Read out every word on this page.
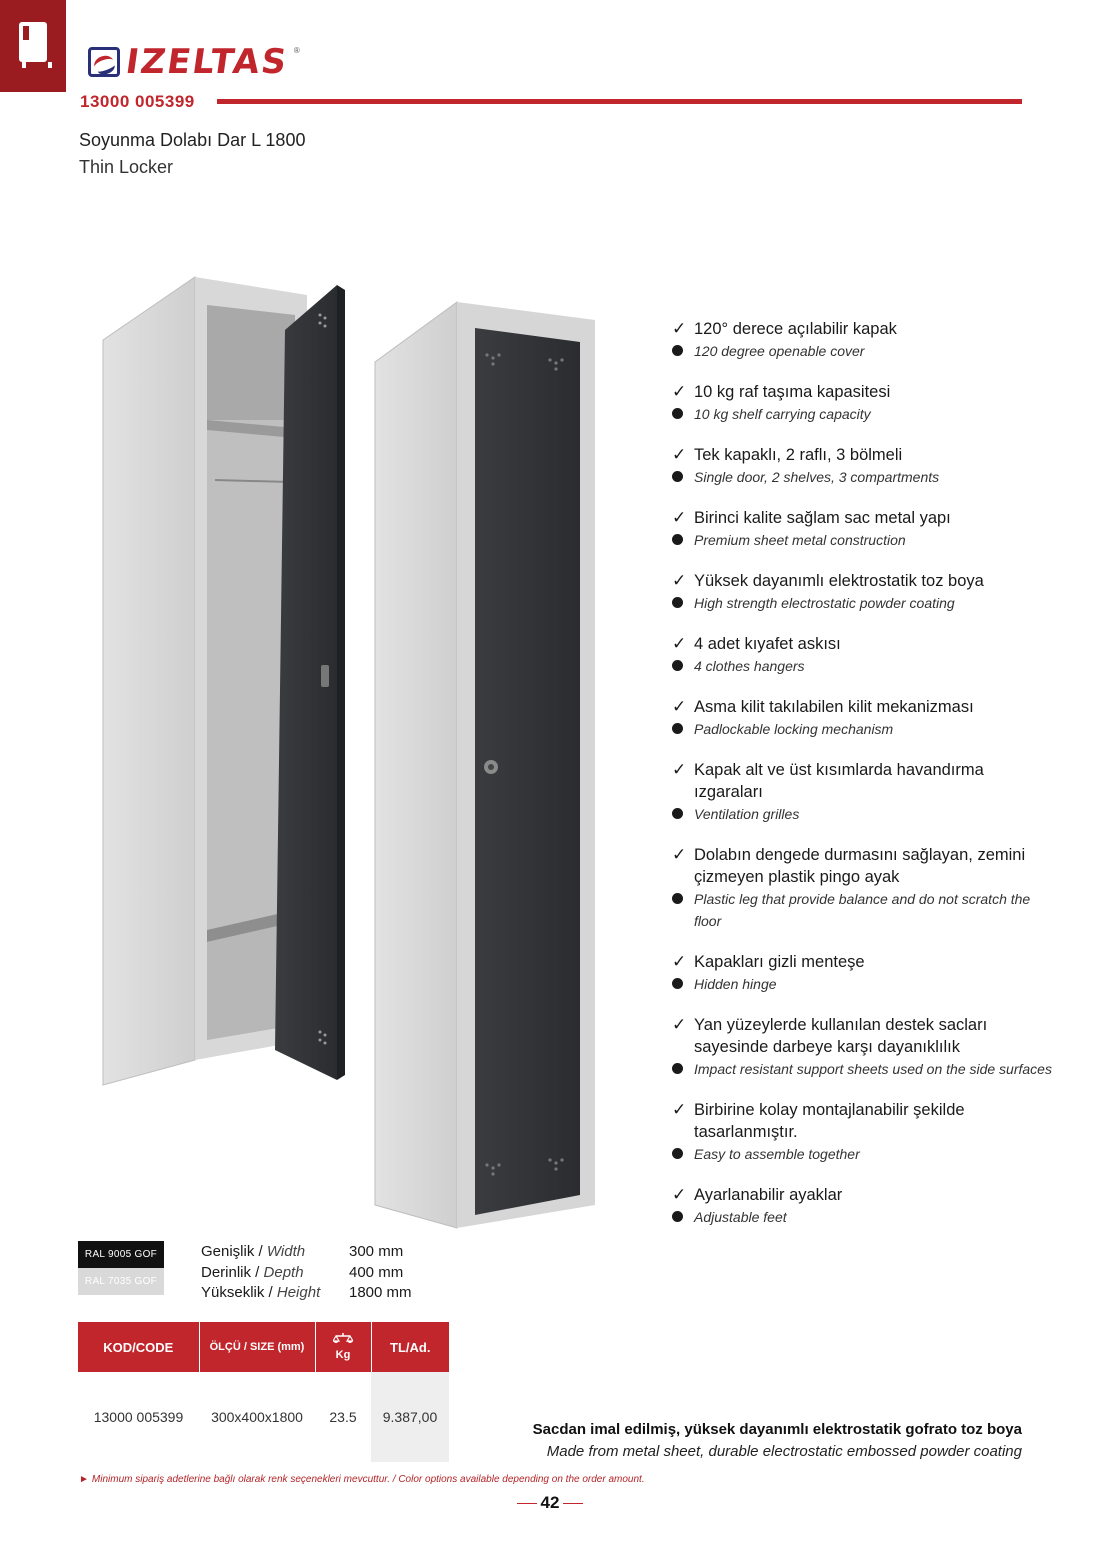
IZELTAS ®
13000 005399
Soyunma Dolabı Dar L 1800
Thin Locker
✓ 120° derece açılabilir kapak
120 degree openable cover
✓ 10 kg raf taşıma kapasitesi
10 kg shelf carrying capacity
✓ Tek kapaklı, 2 raflı, 3 bölmeli
Single door, 2 shelves, 3 compartments
✓ Birinci kalite sağlam sac metal yapı
Premium sheet metal construction
✓ Yüksek dayanımlı elektrostatik toz boya
High strength electrostatic powder coating
✓ 4 adet kıyafet askısı
4 clothes hangers
✓ Asma kilit takılabilen kilit mekanizması
Padlockable locking mechanism
✓ Kapak alt ve üst kısımlarda havandırma ızgaraları
Ventilation grilles
✓ Dolabın dengede durmasını sağlayan, zemini çizmeyen plastik pingo ayak
Plastic leg that provide balance and do not scratch the floor
✓ Kapakları gizli menteşe
Hidden hinge
✓ Yan yüzeylerde kullanılan destek sacları sayesinde darbeye karşı dayanıklılık
Impact resistant support sheets used on the side surfaces
✓ Birbirine kolay montajlanabilir şekilde tasarlanmıştır.
Easy to assemble together
✓ Ayarlanabilir ayaklar
Adjustable feet
RAL 9005 GOF
RAL 7035 GOF
Genişlik / Width	300 mm
Derinlik / Depth	400 mm
Yükseklik / Height	1800 mm
KOD/CODE	ÖLÇÜ / SIZE (mm)	Kg	TL/Ad.
13000 005399	300x400x1800	23.5	9.387,00
Sacdan imal edilmiş, yüksek dayanımlı elektrostatik gofrato toz boya
Made from metal sheet, durable electrostatic embossed powder coating
► Minimum sipariş adetlerine bağlı olarak renk seçenekleri mevcuttur. / Color options available depending on the order amount.
42
